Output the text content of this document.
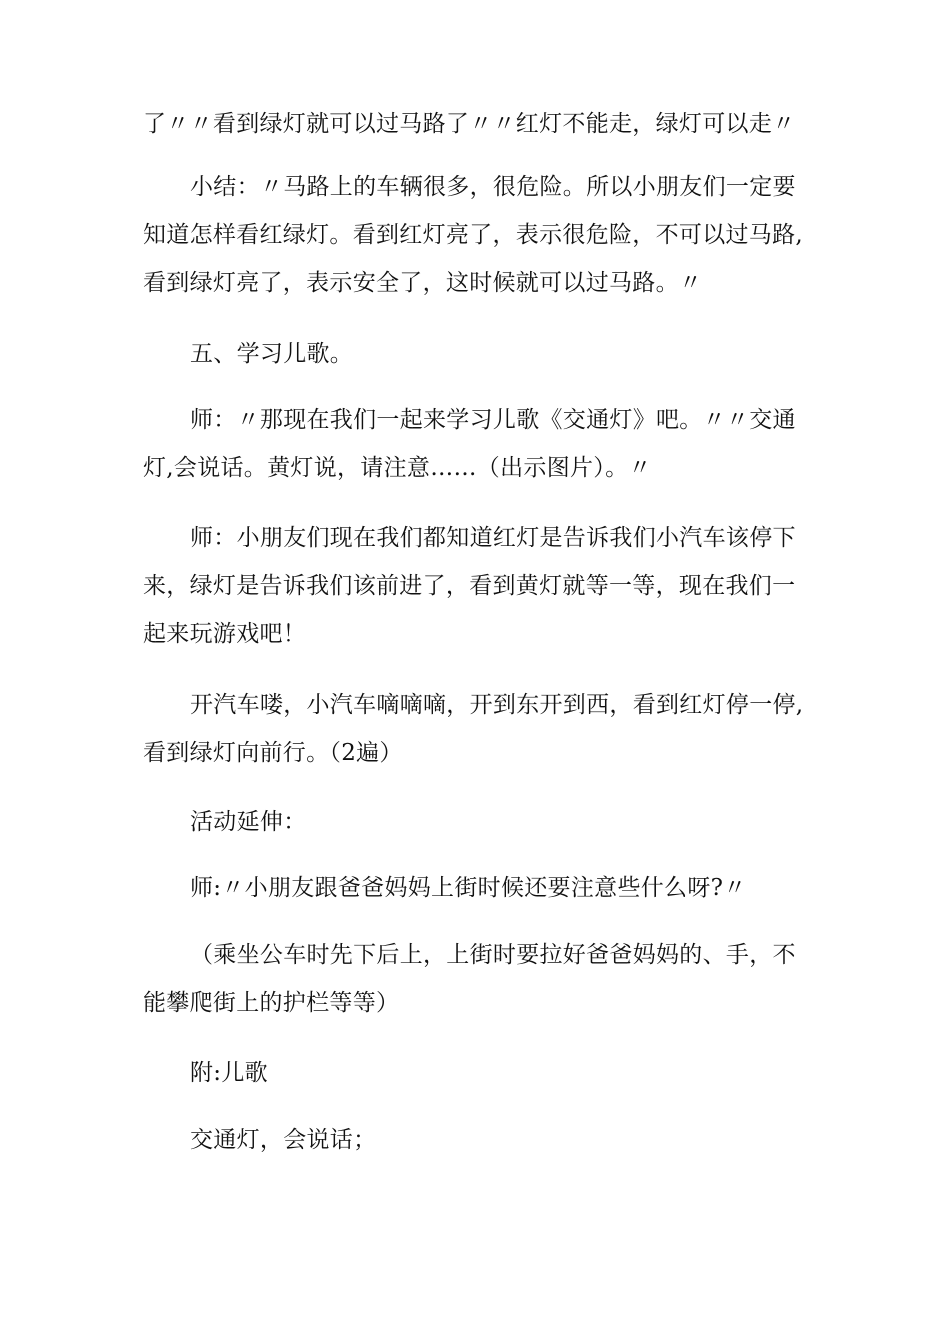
了〃〃看到绿灯就可以过马路了〃〃红灯不能走，绿灯可以走〃

小结：〃马路上的车辆很多，很危险。所以小朋友们一定要
知道怎样看红绿灯。看到红灯亮了，表示很危险，不可以过马路,
看到绿灯亮了，表示安全了，这时候就可以过马路。〃

五、学习儿歌。

师：〃那现在我们一起来学习儿歌《交通灯》吧。〃〃交通
灯,会说话。黄灯说，请注意……（出示图片）。〃

师：小朋友们现在我们都知道红灯是告诉我们小汽车该停下
来，绿灯是告诉我们该前进了，看到黄灯就等一等，现在我们一
起来玩游戏吧！

开汽车喽，小汽车嘀嘀嘀，开到东开到西，看到红灯停一停,
看到绿灯向前行。（2遍）

活动延伸：

师:〃小朋友跟爸爸妈妈上街时候还要注意些什么呀?〃

（乘坐公车时先下后上，上街时要拉好爸爸妈妈的、手，不
能攀爬街上的护栏等等）

附:儿歌

交通灯，会说话；
